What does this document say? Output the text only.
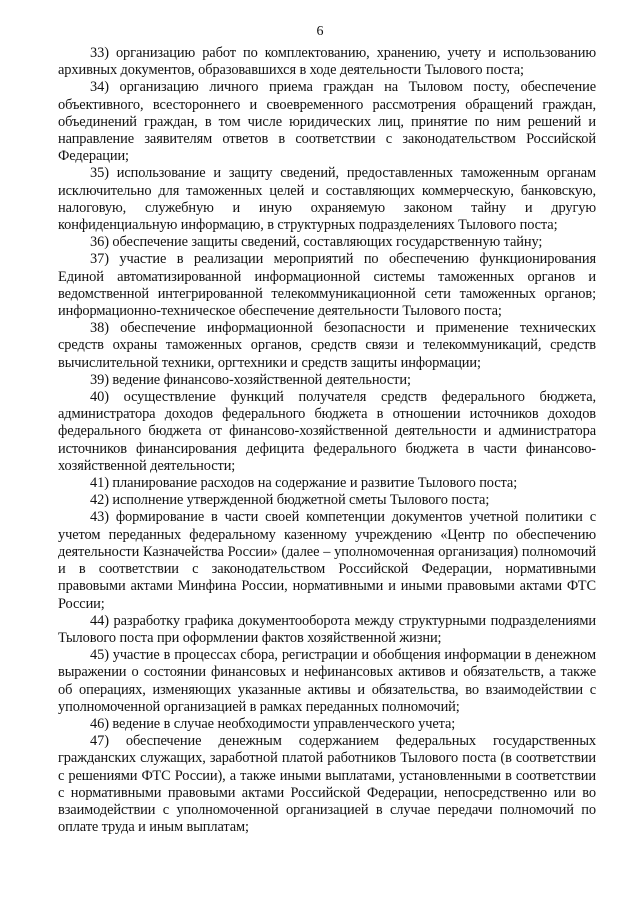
6

33) организацию работ по комплектованию, хранению, учету и использованию архивных документов, образовавшихся в ходе деятельности Тылового поста;

34) организацию личного приема граждан на Тыловом посту, обеспечение объективного, всестороннего и своевременного рассмотрения обращений граждан, объединений граждан, в том числе юридических лиц, принятие по ним решений и направление заявителям ответов в соответствии с законодательством Российской Федерации;

35) использование и защиту сведений, предоставленных таможенным органам исключительно для таможенных целей и составляющих коммерческую, банковскую, налоговую, служебную и иную охраняемую законом тайну и другую конфиденциальную информацию, в структурных подразделениях Тылового поста;

36) обеспечение защиты сведений, составляющих государственную тайну;

37) участие в реализации мероприятий по обеспечению функционирования Единой автоматизированной информационной системы таможенных органов и ведомственной интегрированной телекоммуникационной сети таможенных органов; информационно-техническое обеспечение деятельности Тылового поста;

38) обеспечение информационной безопасности и применение технических средств охраны таможенных органов, средств связи и телекоммуникаций, средств вычислительной техники, оргтехники и средств защиты информации;

39) ведение финансово-хозяйственной деятельности;

40) осуществление функций получателя средств федерального бюджета, администратора доходов федерального бюджета в отношении источников доходов федерального бюджета от финансово-хозяйственной деятельности и администратора источников финансирования дефицита федерального бюджета в части финансово-хозяйственной деятельности;

41) планирование расходов на содержание и развитие Тылового поста;

42) исполнение утвержденной бюджетной сметы Тылового поста;

43) формирование в части своей компетенции документов учетной политики с учетом переданных федеральному казенному учреждению «Центр по обеспечению деятельности Казначейства России» (далее – уполномоченная организация) полномочий и в соответствии с законодательством Российской Федерации, нормативными правовыми актами Минфина России, нормативными и иными правовыми актами ФТС России;

44) разработку графика документооборота между структурными подразделениями Тылового поста при оформлении фактов хозяйственной жизни;

45) участие в процессах сбора, регистрации и обобщения информации в денежном выражении о состоянии финансовых и нефинансовых активов и обязательств, а также об операциях, изменяющих указанные активы и обязательства, во взаимодействии с уполномоченной организацией в рамках переданных полномочий;

46) ведение в случае необходимости управленческого учета;

47) обеспечение денежным содержанием федеральных государственных гражданских служащих, заработной платой работников Тылового поста (в соответствии с решениями ФТС России), а также иными выплатами, установленными в соответствии с нормативными правовыми актами Российской Федерации, непосредственно или во взаимодействии с уполномоченной организацией в случае передачи полномочий по оплате труда и иным выплатам;
